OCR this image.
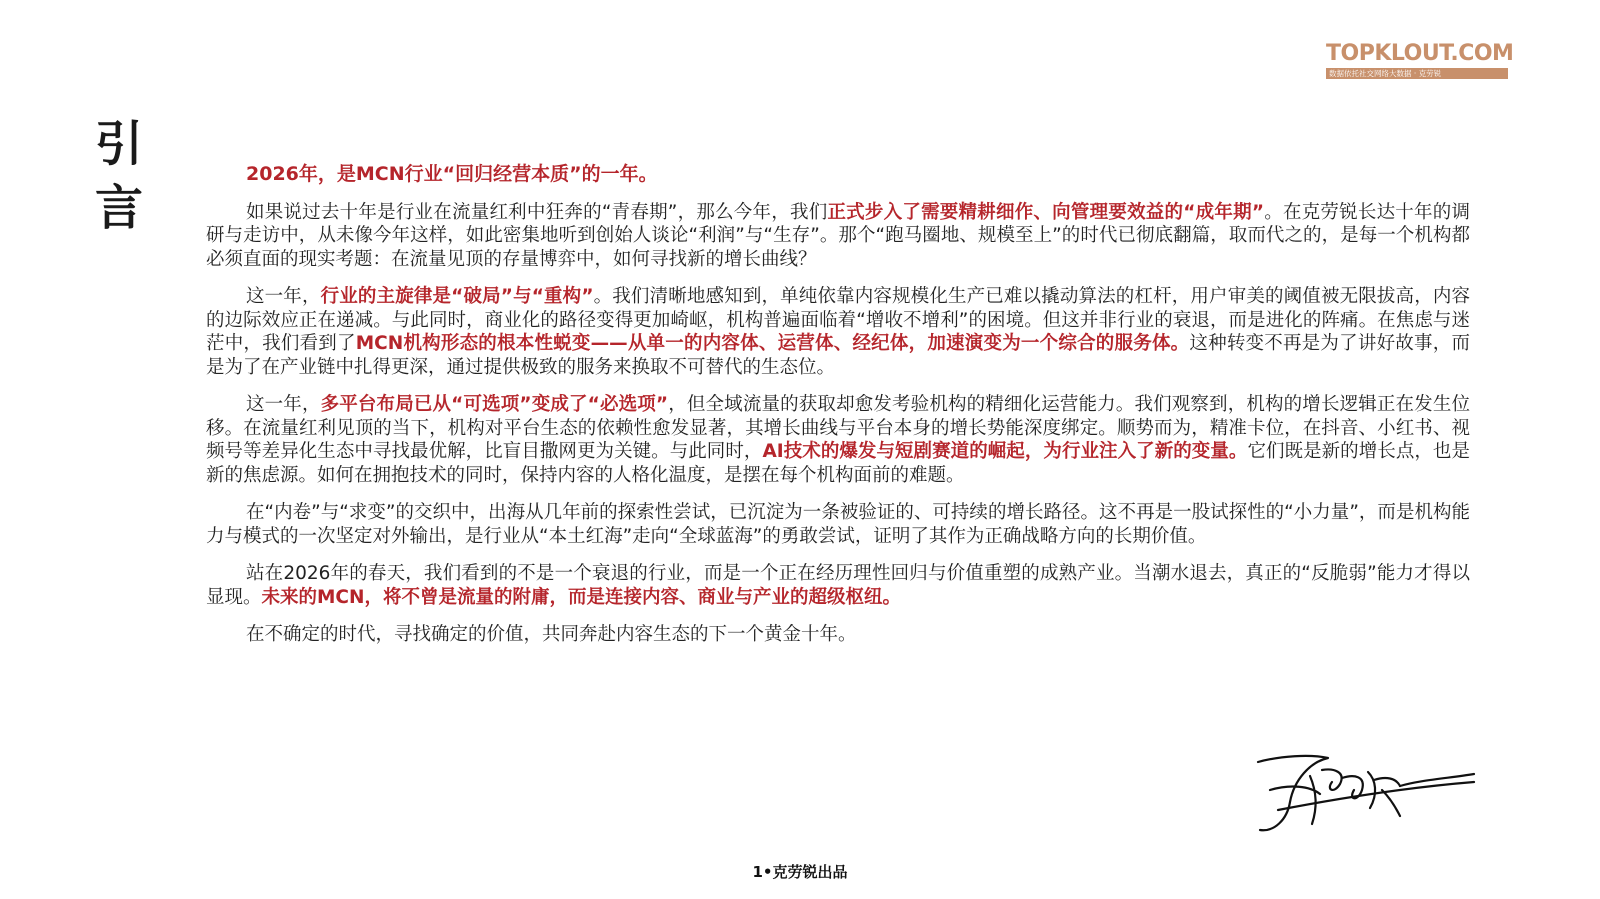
TOPKLOUT.COM
数据依托社交网络大数据 · 克劳锐
引
言
2026年，是MCN行业“回归经营本质”的一年。

如果说过去十年是行业在流量红利中狂奔的“青春期”，那么今年，我们正式步入了需要精耕细作、向管理要效益的“成年期”。在克劳锐长达十年的调研与走访中，从未像今年这样，如此密集地听到创始人谈论“利润”与“生存”。那个“跑马圈地、规模至上”的时代已彻底翻篇，取而代之的，是每一个机构都必须直面的现实考题：在流量见顶的存量博弈中，如何寻找新的增长曲线？

这一年，行业的主旋律是“破局”与“重构”。我们清晰地感知到，单纯依靠内容规模化生产已难以撬动算法的杠杆，用户审美的阈值被无限拔高，内容的边际效应正在递减。与此同时，商业化的路径变得更加崎岖，机构普遍面临着“增收不增利”的困境。但这并非行业的衰退，而是进化的阵痛。在焦虑与迷茫中，我们看到了MCN机构形态的根本性蜕变——从单一的内容体、运营体、经纪体，加速演变为一个综合的服务体。这种转变不再是为了讲好故事，而是为了在产业链中扎得更深，通过提供极致的服务来换取不可替代的生态位。

这一年，多平台布局已从“可选项”变成了“必选项”，但全域流量的获取却愈发考验机构的精细化运营能力。我们观察到，机构的增长逻辑正在发生位移。在流量红利见顶的当下，机构对平台生态的依赖性愈发显著，其增长曲线与平台本身的增长势能深度绑定。顺势而为，精准卡位，在抖音、小红书、视频号等差异化生态中寻找最优解，比盲目撒网更为关键。与此同时，AI技术的爆发与短剧赛道的崛起，为行业注入了新的变量。它们既是新的增长点，也是新的焦虑源。如何在拥抱技术的同时，保持内容的人格化温度，是摆在每个机构面前的难题。

在“内卷”与“求变”的交织中，出海从几年前的探索性尝试，已沉淀为一条被验证的、可持续的增长路径。这不再是一股试探性的“小力量”，而是机构能力与模式的一次坚定对外输出，是行业从“本土红海”走向“全球蓝海”的勇敢尝试，证明了其作为正确战略方向的长期价值。

站在2026年的春天，我们看到的不是一个衰退的行业，而是一个正在经历理性回归与价值重塑的成熟产业。当潮水退去，真正的“反脆弱”能力才得以显现。未来的MCN，将不曾是流量的附庸，而是连接内容、商业与产业的超级枢纽。

在不确定的时代，寻找确定的价值，共同奔赴内容生态的下一个黄金十年。

1•克劳锐出品
